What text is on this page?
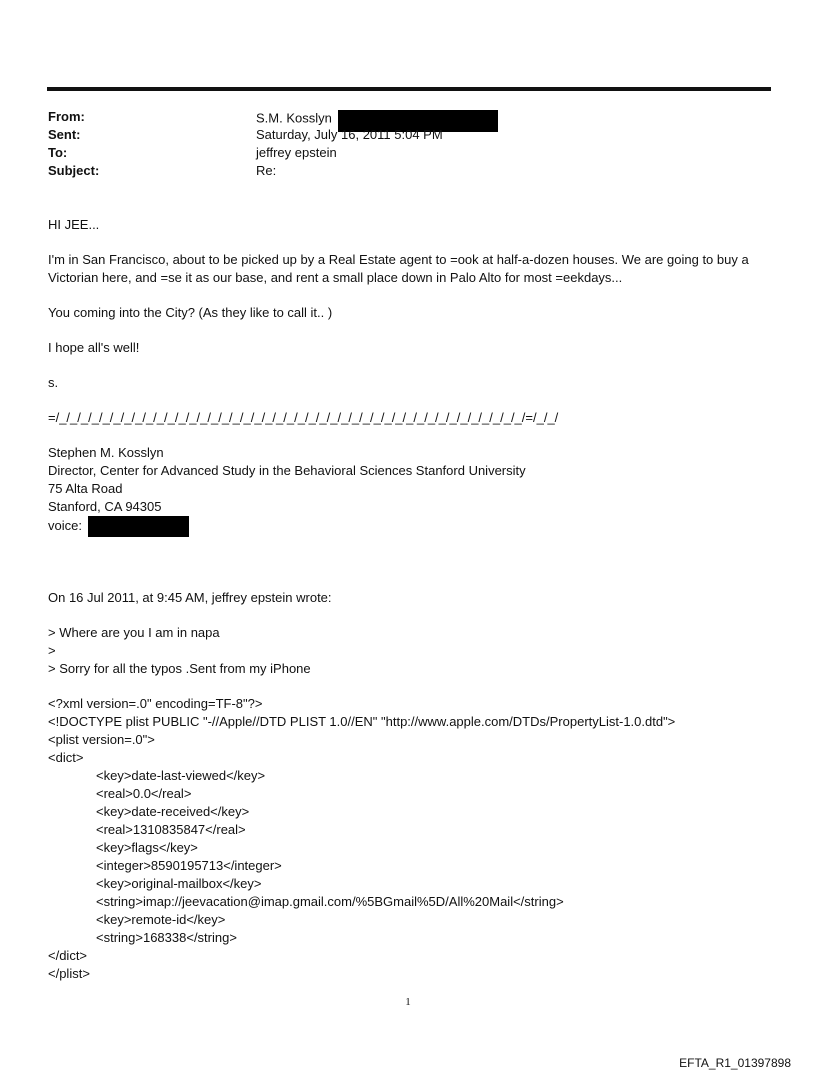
From:	S.M. Kosslyn
Sent:	Saturday, July 16, 2011 5:04 PM
To:	jeffrey epstein
Subject:	Re:

HI JEE...

I'm in San Francisco, about to be picked up by a Real Estate agent to =ook at half-a-dozen houses. We are going to buy a Victorian here, and =se it as our base, and rent a small place down in Palo Alto for most =eekdays...

You coming into the City? (As they like to call it.. )

I hope all's well!

s.

=/_/_/_/_/_/_/_/_/_/_/_/_/_/_/_/_/_/_/_/_/_/_/_/_/_/_/_/_/_/_/_/_/_/_/_/_/_/_/_/_/_/_/_/=/_/_/

Stephen M. Kosslyn

Director, Center for Advanced Study in the Behavioral Sciences Stanford University

75 Alta Road

Stanford, CA 94305

voice:

On 16 Jul 2011, at 9:45 AM, jeffrey epstein wrote:

> Where are you I am in napa

>

> Sorry for all the typos .Sent from my iPhone

<?xml version=.0" encoding=TF-8"?>

<!DOCTYPE plist PUBLIC "-//Apple//DTD PLIST 1.0//EN" "http://www.apple.com/DTDs/PropertyList-1.0.dtd">

<plist version=.0">

<dict>

<key>date-last-viewed</key>

<real>0.0</real>

<key>date-received</key>

<real>1310835847</real>

<key>flags</key>

<integer>8590195713</integer>

<key>original-mailbox</key>

<string>imap://jeevacation@imap.gmail.com/%5BGmail%5D/All%20Mail</string>

<key>remote-id</key>

<string>168338</string>

</dict>

</plist>

1
EFTA_R1_01397898
